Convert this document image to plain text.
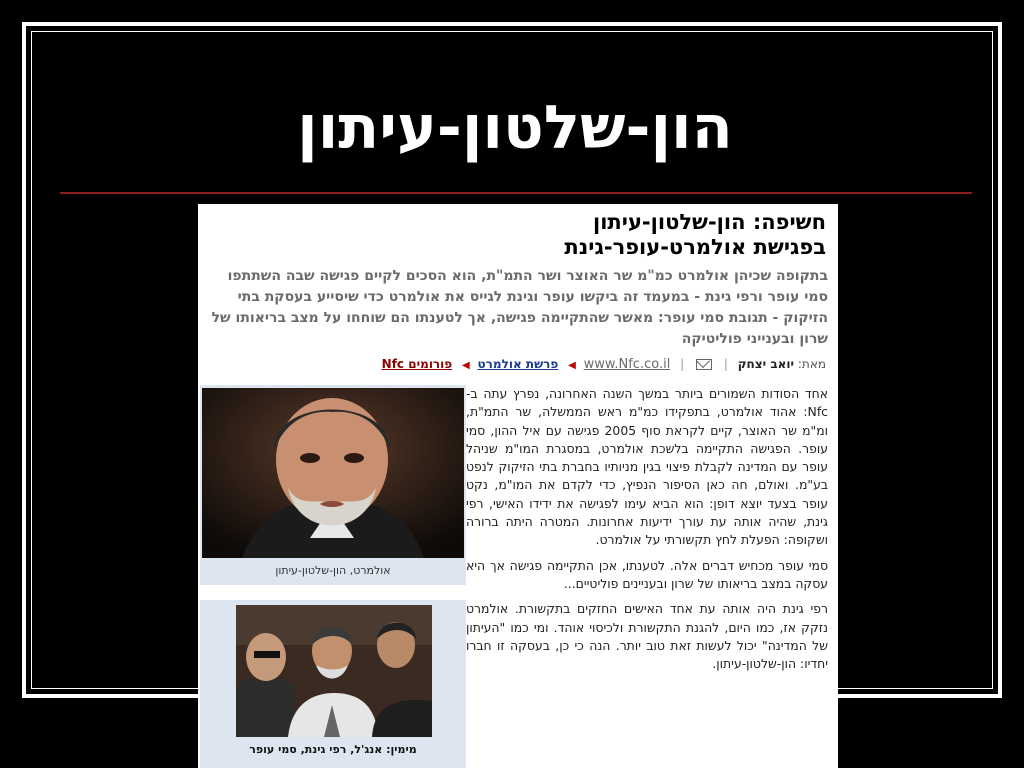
הון-שלטון-עיתון
חשיפה: הון-שלטון-עיתון
בפגישת אולמרט-עופר-גינת
בתקופה שכיהן אולמרט כמ"מ שר האוצר ושר התמ"ת, הוא הסכים לקיים פגישה שבה השתתפו סמי עופר ורפי גינת - במעמד זה ביקשו עופר וגינת לגייס את אולמרט כדי שיסייע בעסקת בתי הזיקוק - תגובת סמי עופר: מאשר שהתקיימה פגישה, אך לטענתו הם שוחחו על מצב בריאותו של שרון ובענייני פוליטיקה
מאת: יואב יצחק |  | www.Nfc.co.il ◀ פרשת אולמרט ◀ פורומים Nfc

אחד הסודות השמורים ביותר במשך השנה האחרונה, נפרץ עתה ב-Nfc: אהוד אולמרט, בתפקידו כמ"מ ראש הממשלה, שר התמ"ת, ומ"מ שר האוצר, קיים לקראת סוף 2005 פגישה עם איל ההון, סמי עופר. הפגישה התקיימה בלשכת אולמרט, במסגרת המו"מ שניהל עופר עם המדינה לקבלת פיצוי בגין מניותיו בחברת בתי הזיקוק לנפט בע"מ. ואולם, חה כאן הסיפור הנפיץ, כדי לקדם את המו"מ, נקט עופר בצעד יוצא דופן: הוא הביא עימו לפגישה את ידידו האישי, רפי גינת, שהיה אותה עת עורך ידיעות אחרונות. המטרה היתה ברורה ושקופה: הפעלת לחץ תקשורתי על אולמרט.

סמי עופר מכחיש דברים אלה. לטענתו, אכן התקיימה פגישה אך היא עסקה במצב בריאותו של שרון ובעניינים פוליטיים...

רפי גינת היה אותה עת אחד האישים החזקים בתקשורת. אולמרט נזקק אז, כמו היום, להגנת התקשורת ולכיסוי אוהד. ומי כמו "העיתון של המדינה" יכול לעשות זאת טוב יותר. הנה כי כן, בעסקה זו חברו יחדיו: הון-שלטון-עיתון.

אולמרט, הון-שלטון-עיתון
מימין: אנג'ל, רפי גינת, סמי עופר
